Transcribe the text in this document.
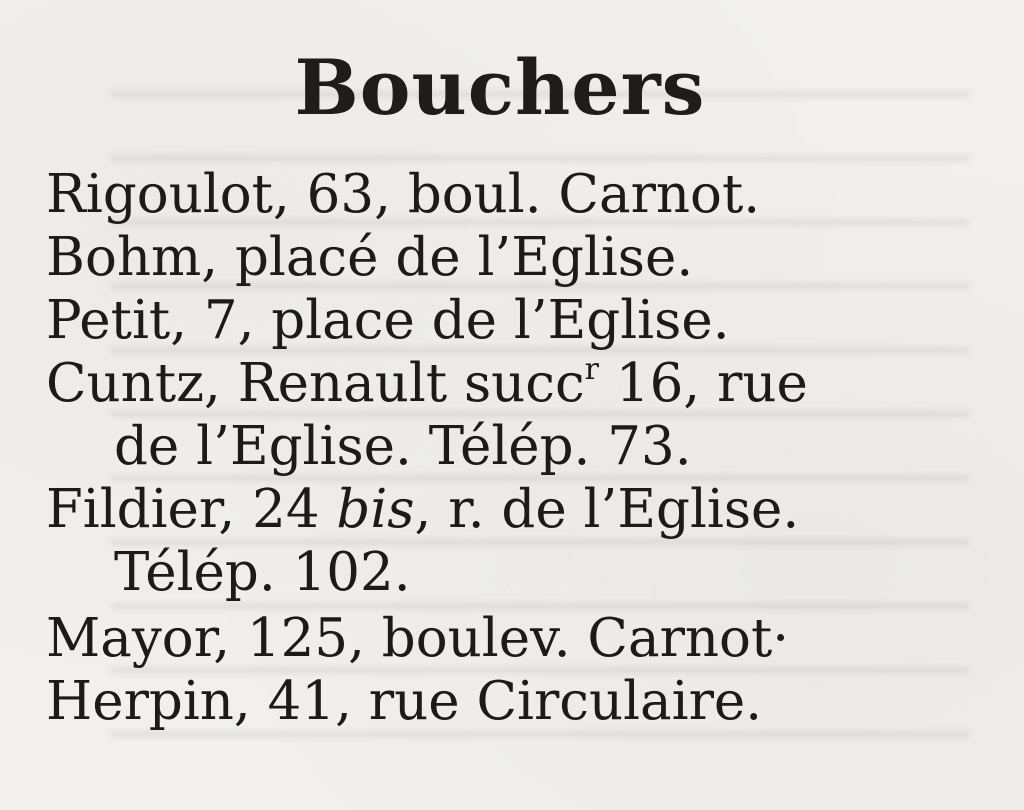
Bouchers
Rigoulot, 63, boul. Carnot.
Bohm, placé de l’Eglise.
Petit, 7, place de l’Eglise.
Cuntz, Renault succ$^r$ 16, rue
de l’Eglise. Télép. 73.
Fildier, 24 bis, r. de l’Eglise.
Télép. 102.
Mayor, 125, boulev. Carnot·
Herpin, 41, rue Circulaire.
